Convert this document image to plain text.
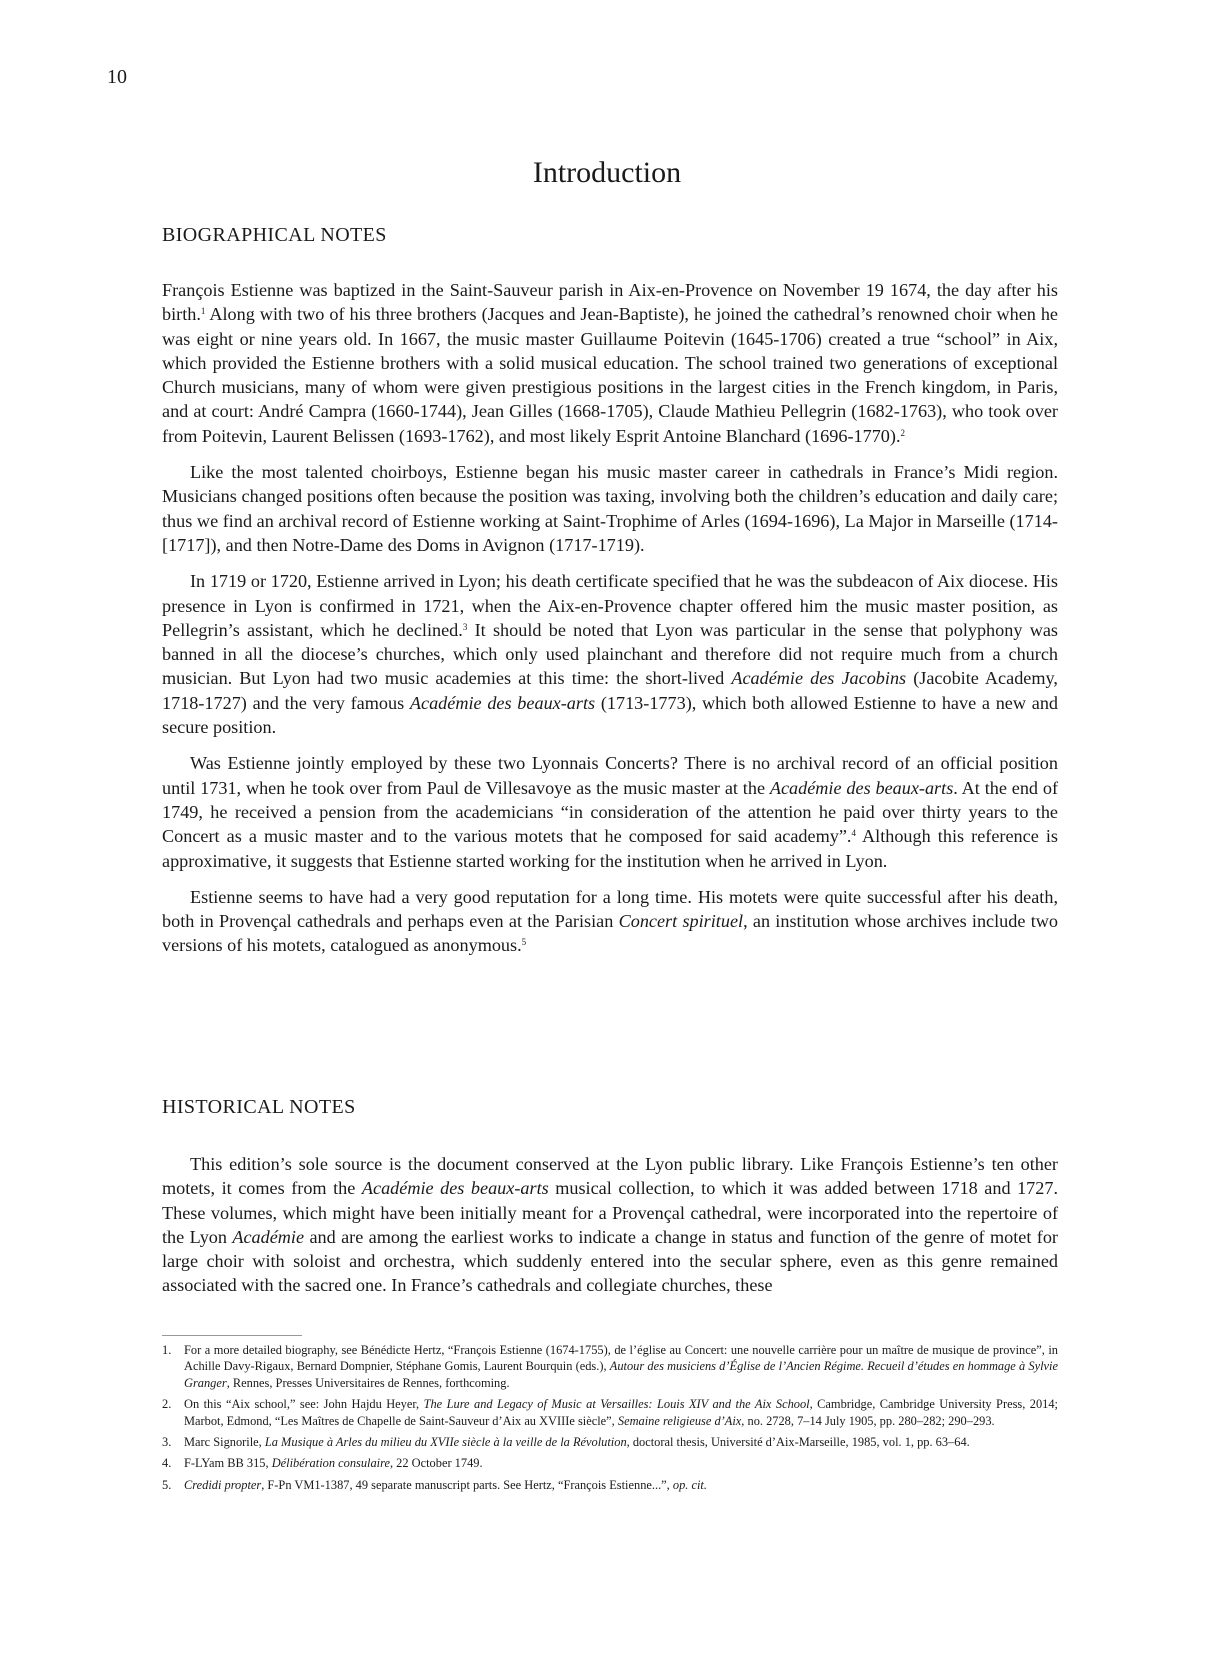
10
Introduction
BIOGRAPHICAL NOTES

François Estienne was baptized in the Saint-Sauveur parish in Aix-en-Provence on November 19 1674, the day after his birth.$^1$ Along with two of his three brothers (Jacques and Jean-Baptiste), he joined the cathedral’s renowned choir when he was eight or nine years old. In 1667, the music master Guillaume Poitevin (1645-1706) created a true “school” in Aix, which provided the Estienne brothers with a solid musical education. The school trained two generations of exceptional Church musicians, many of whom were given prestigious positions in the largest cities in the French kingdom, in Paris, and at court: André Campra (1660-1744), Jean Gilles (1668-1705), Claude Mathieu Pellegrin (1682-1763), who took over from Poitevin, Laurent Belissen (1693-1762), and most likely Esprit Antoine Blanchard (1696-1770).$^2$

Like the most talented choirboys, Estienne began his music master career in cathedrals in France’s Midi region. Musicians changed positions often because the position was taxing, involving both the children’s education and daily care; thus we find an archival record of Estienne working at Saint-Trophime of Arles (1694-1696), La Major in Marseille (1714-[1717]), and then Notre-Dame des Doms in Avignon (1717-1719).

In 1719 or 1720, Estienne arrived in Lyon; his death certificate specified that he was the subdeacon of Aix diocese. His presence in Lyon is confirmed in 1721, when the Aix-en-Provence chapter offered him the music master position, as Pellegrin’s assistant, which he declined.$^3$ It should be noted that Lyon was particular in the sense that polyphony was banned in all the diocese’s churches, which only used plainchant and therefore did not require much from a church musician. But Lyon had two music academies at this time: the short-lived Académie des Jacobins (Jacobite Academy, 1718-1727) and the very famous Académie des beaux-arts (1713-1773), which both allowed Estienne to have a new and secure position.

Was Estienne jointly employed by these two Lyonnais Concerts? There is no archival record of an official position until 1731, when he took over from Paul de Villesavoye as the music master at the Académie des beaux-arts. At the end of 1749, he received a pension from the academicians “in consideration of the attention he paid over thirty years to the Concert as a music master and to the various motets that he composed for said academy”.$^4$ Although this reference is approximative, it suggests that Estienne started working for the institution when he arrived in Lyon.

Estienne seems to have had a very good reputation for a long time. His motets were quite successful after his death, both in Provençal cathedrals and perhaps even at the Parisian Concert spirituel, an institution whose archives include two versions of his motets, catalogued as anonymous.$^5$

HISTORICAL NOTES

This edition’s sole source is the document conserved at the Lyon public library. Like François Estienne’s ten other motets, it comes from the Académie des beaux-arts musical collection, to which it was added between 1718 and 1727. These volumes, which might have been initially meant for a Provençal cathedral, were incorporated into the repertoire of the Lyon Académie and are among the earliest works to indicate a change in status and function of the genre of motet for large choir with soloist and orchestra, which suddenly entered into the secular sphere, even as this genre remained associated with the sacred one. In France’s cathedrals and collegiate churches, these

1. For a more detailed biography, see Bénédicte Hertz, “François Estienne (1674-1755), de l’église au Concert: une nouvelle carrière pour un maître de musique de province”, in Achille Davy-Rigaux, Bernard Dompnier, Stéphane Gomis, Laurent Bourquin (eds.), Autour des musiciens d’Église de l’Ancien Régime. Recueil d’études en hommage à Sylvie Granger, Rennes, Presses Universitaires de Rennes, forthcoming.
2. On this “Aix school,” see: John Hajdu Heyer, The Lure and Legacy of Music at Versailles: Louis XIV and the Aix School, Cambridge, Cambridge University Press, 2014; Marbot, Edmond, “Les Maîtres de Chapelle de Saint-Sauveur d’Aix au XVIIIe siècle”, Semaine religieuse d’Aix, no. 2728, 7–14 July 1905, pp. 280–282; 290–293.
3. Marc Signorile, La Musique à Arles du milieu du XVIIe siècle à la veille de la Révolution, doctoral thesis, Université d’Aix-Marseille, 1985, vol. 1, pp. 63–64.
4. F-LYam BB 315, Délibération consulaire, 22 October 1749.
5. Credidi propter, F-Pn VM1-1387, 49 separate manuscript parts. See Hertz, “François Estienne...”, op. cit.
